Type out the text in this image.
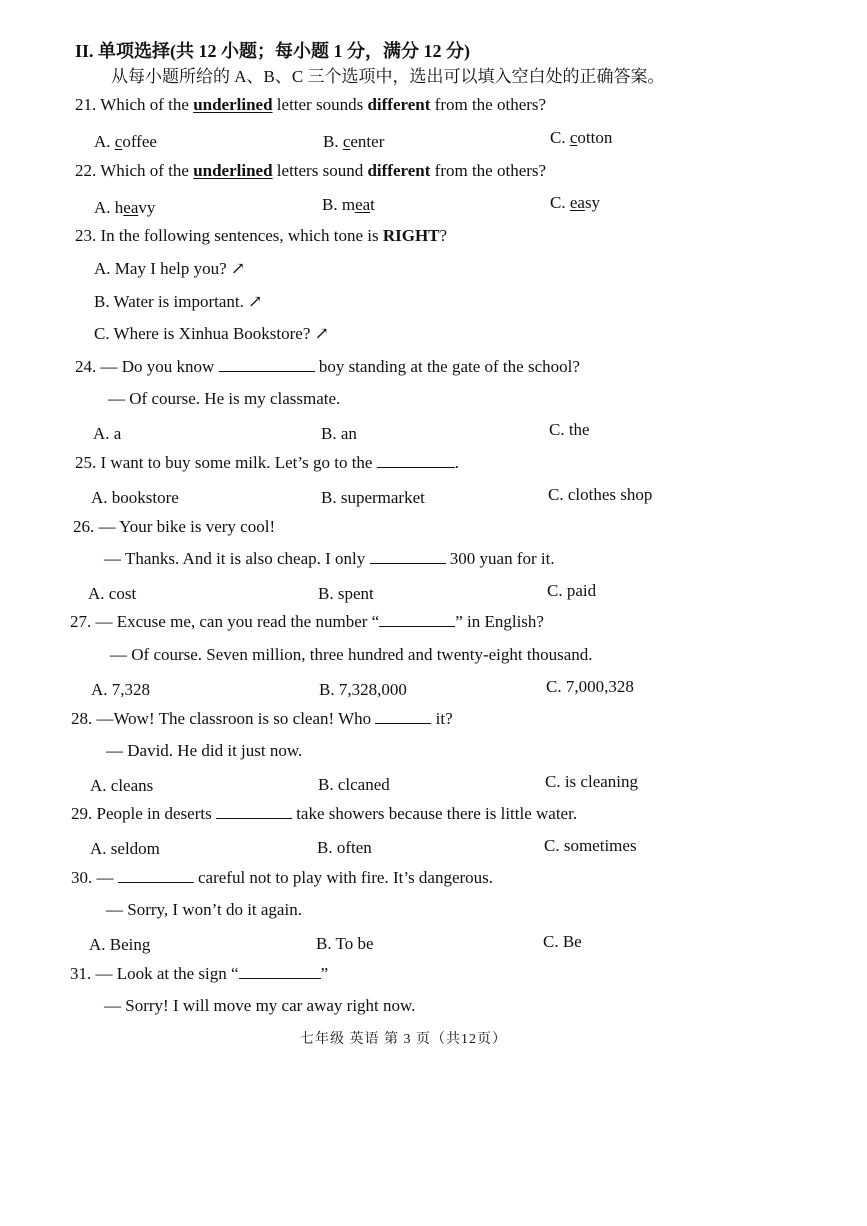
II. 单项选择(共 12 小题；每小题 1 分，满分 12 分)
从每小题所给的 A、B、C 三个选项中，选出可以填入空白处的正确答案。
21. Which of the underlined letter sounds different from the others?
A. coffee	B. center	C. cotton
22. Which of the underlined letters sound different from the others?
A. heavy	B. meat	C. easy
23. In the following sentences, which tone is RIGHT?
A. May I help you? ↗
B. Water is important. ↗
C. Where is Xinhua Bookstore? ↗
24. — Do you know	boy standing at the gate of the school?
— Of course. He is my classmate.
A. a	B. an	C. the
25. I want to buy some milk. Let’s go to the	.
A. bookstore	B. supermarket	C. clothes shop
26. — Your bike is very cool!
— Thanks. And it is also cheap. I only	300 yuan for it.
A. cost	B. spent	C. paid
27. — Excuse me, can you read the number “	” in English?
— Of course. Seven million, three hundred and twenty-eight thousand.
A. 7,328	B. 7,328,000	C. 7,000,328
28. —Wow! The classroon is so clean! Who	it?
— David. He did it just now.
A. cleans	B. clcaned	C. is cleaning
29. People in deserts	take showers because there is little water.
A. seldom	B. often	C. sometimes
30. —	careful not to play with fire. It’s dangerous.
— Sorry, I won’t do it again.
A. Being	B. To be	C. Be
31. — Look at the sign “	”
— Sorry! I will move my car away right now.
七年级 英语 第 3 页（共12页）
